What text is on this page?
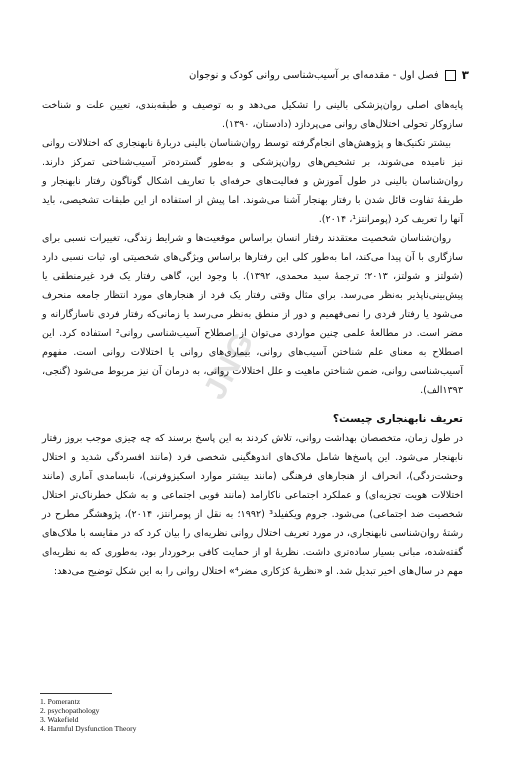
۳
فصل اول - مقدمه‌ای بر آسیب‌شناسی روانی کودک و نوجوان
JNG

پایه‌های اصلی روان‌پزشکی بالینی را تشکیل می‌دهد و به توصیف و طبقه‌بندی، تعیین علت و شناخت سازوکار تحولی اختلال‌های روانی می‌پردازد (دادستان، ۱۳۹۰).

بیشتر تکنیک‌ها و پژوهش‌های انجام‌گرفته توسط روان‌شناسان بالینی دربارهٔ نابهنجاری که اختلالات روانی نیز نامیده می‌شوند، بر تشخیص‌های روان‌پزشکی و به‌طور گسترده‌تر آسیب‌شناختی تمرکز دارند. روان‌شناسان بالینی در طول آموزش و فعالیت‌های حرفه‌ای با تعاریف اشکال گوناگون رفتار نابهنجار و طریقهٔ تفاوت قائل شدن با رفتار بهنجار آشنا می‌شوند. اما پیش از استفاده از این طبقات تشخیصی، باید آنها را تعریف کرد (پومرانتز¹، ۲۰۱۴).

روان‌شناسان شخصیت معتقدند رفتار انسان براساس موقعیت‌ها و شرایط زندگی، تغییرات نسبی برای سازگاری با آن پیدا می‌کند، اما به‌طور کلی این رفتارها براساس ویژگی‌های شخصیتی او، ثبات نسبی دارد (شولتز و شولتز، ۲۰۱۳؛ ترجمهٔ سید محمدی، ۱۳۹۲). با وجود این، گاهی رفتار یک فرد غیرمنطقی یا پیش‌بینی‌ناپذیر به‌نظر می‌رسد. برای مثال وقتی رفتار یک فرد از هنجارهای مورد انتظار جامعه منحرف می‌شود یا رفتار فردی را نمی‌فهمیم و دور از منطق به‌نظر می‌رسد یا زمانی‌که رفتار فردی ناسازگارانه و مضر است. در مطالعهٔ علمی چنین مواردی می‌توان از اصطلاح آسیب‌شناسی روانی² استفاده کرد. این اصطلاح به معنای علم شناختن آسیب‌های روانی، بیماری‌های روانی یا اختلالات روانی است. مفهوم آسیب‌شناسی روانی، ضمن شناختن ماهیت و علل اختلالات روانی، به درمان آن نیز مربوط می‌شود (گنجی، ۱۳۹۳الف).

تعریف نابهنجاری چیست؟

در طول زمان، متخصصان بهداشت روانی، تلاش کردند به این پاسخ برسند که چه چیزی موجب بروز رفتار نابهنجار می‌شود. این پاسخ‌ها شامل ملاک‌های اندوهگینی شخصی فرد (مانند افسردگی شدید و اختلال وحشت‌زدگی)، انحراف از هنجارهای فرهنگی (مانند بیشتر موارد اسکیزوفرنی)، نابسامدی آماری (مانند اختلالات هویت تجزیه‌ای) و عملکرد اجتماعی ناکارامد (مانند فوبی اجتماعی و به شکل خطرناک‌تر اختلال شخصیت ضد اجتماعی) می‌شود. جروم ویکفیلد³ (۱۹۹۲؛ به نقل از پومرانتز، ۲۰۱۴)، پژوهشگر مطرح در رشتهٔ روان‌شناسی نابهنجاری، در مورد تعریف اختلال روانی نظریه‌ای را بیان کرد که در مقایسه با ملاک‌های گفته‌شده، مبانی بسیار ساده‌تری داشت. نظریهٔ او از حمایت کافی برخوردار بود، به‌طوری که به نظریه‌ای مهم در سال‌های اخیر تبدیل شد. او «نظریهٔ کژکاری مضر⁴» اختلال روانی را به این شکل توضیح می‌دهد:

1. Pomerantz
2. psychopathology
3. Wakefield
4. Harmful Dysfunction Theory
